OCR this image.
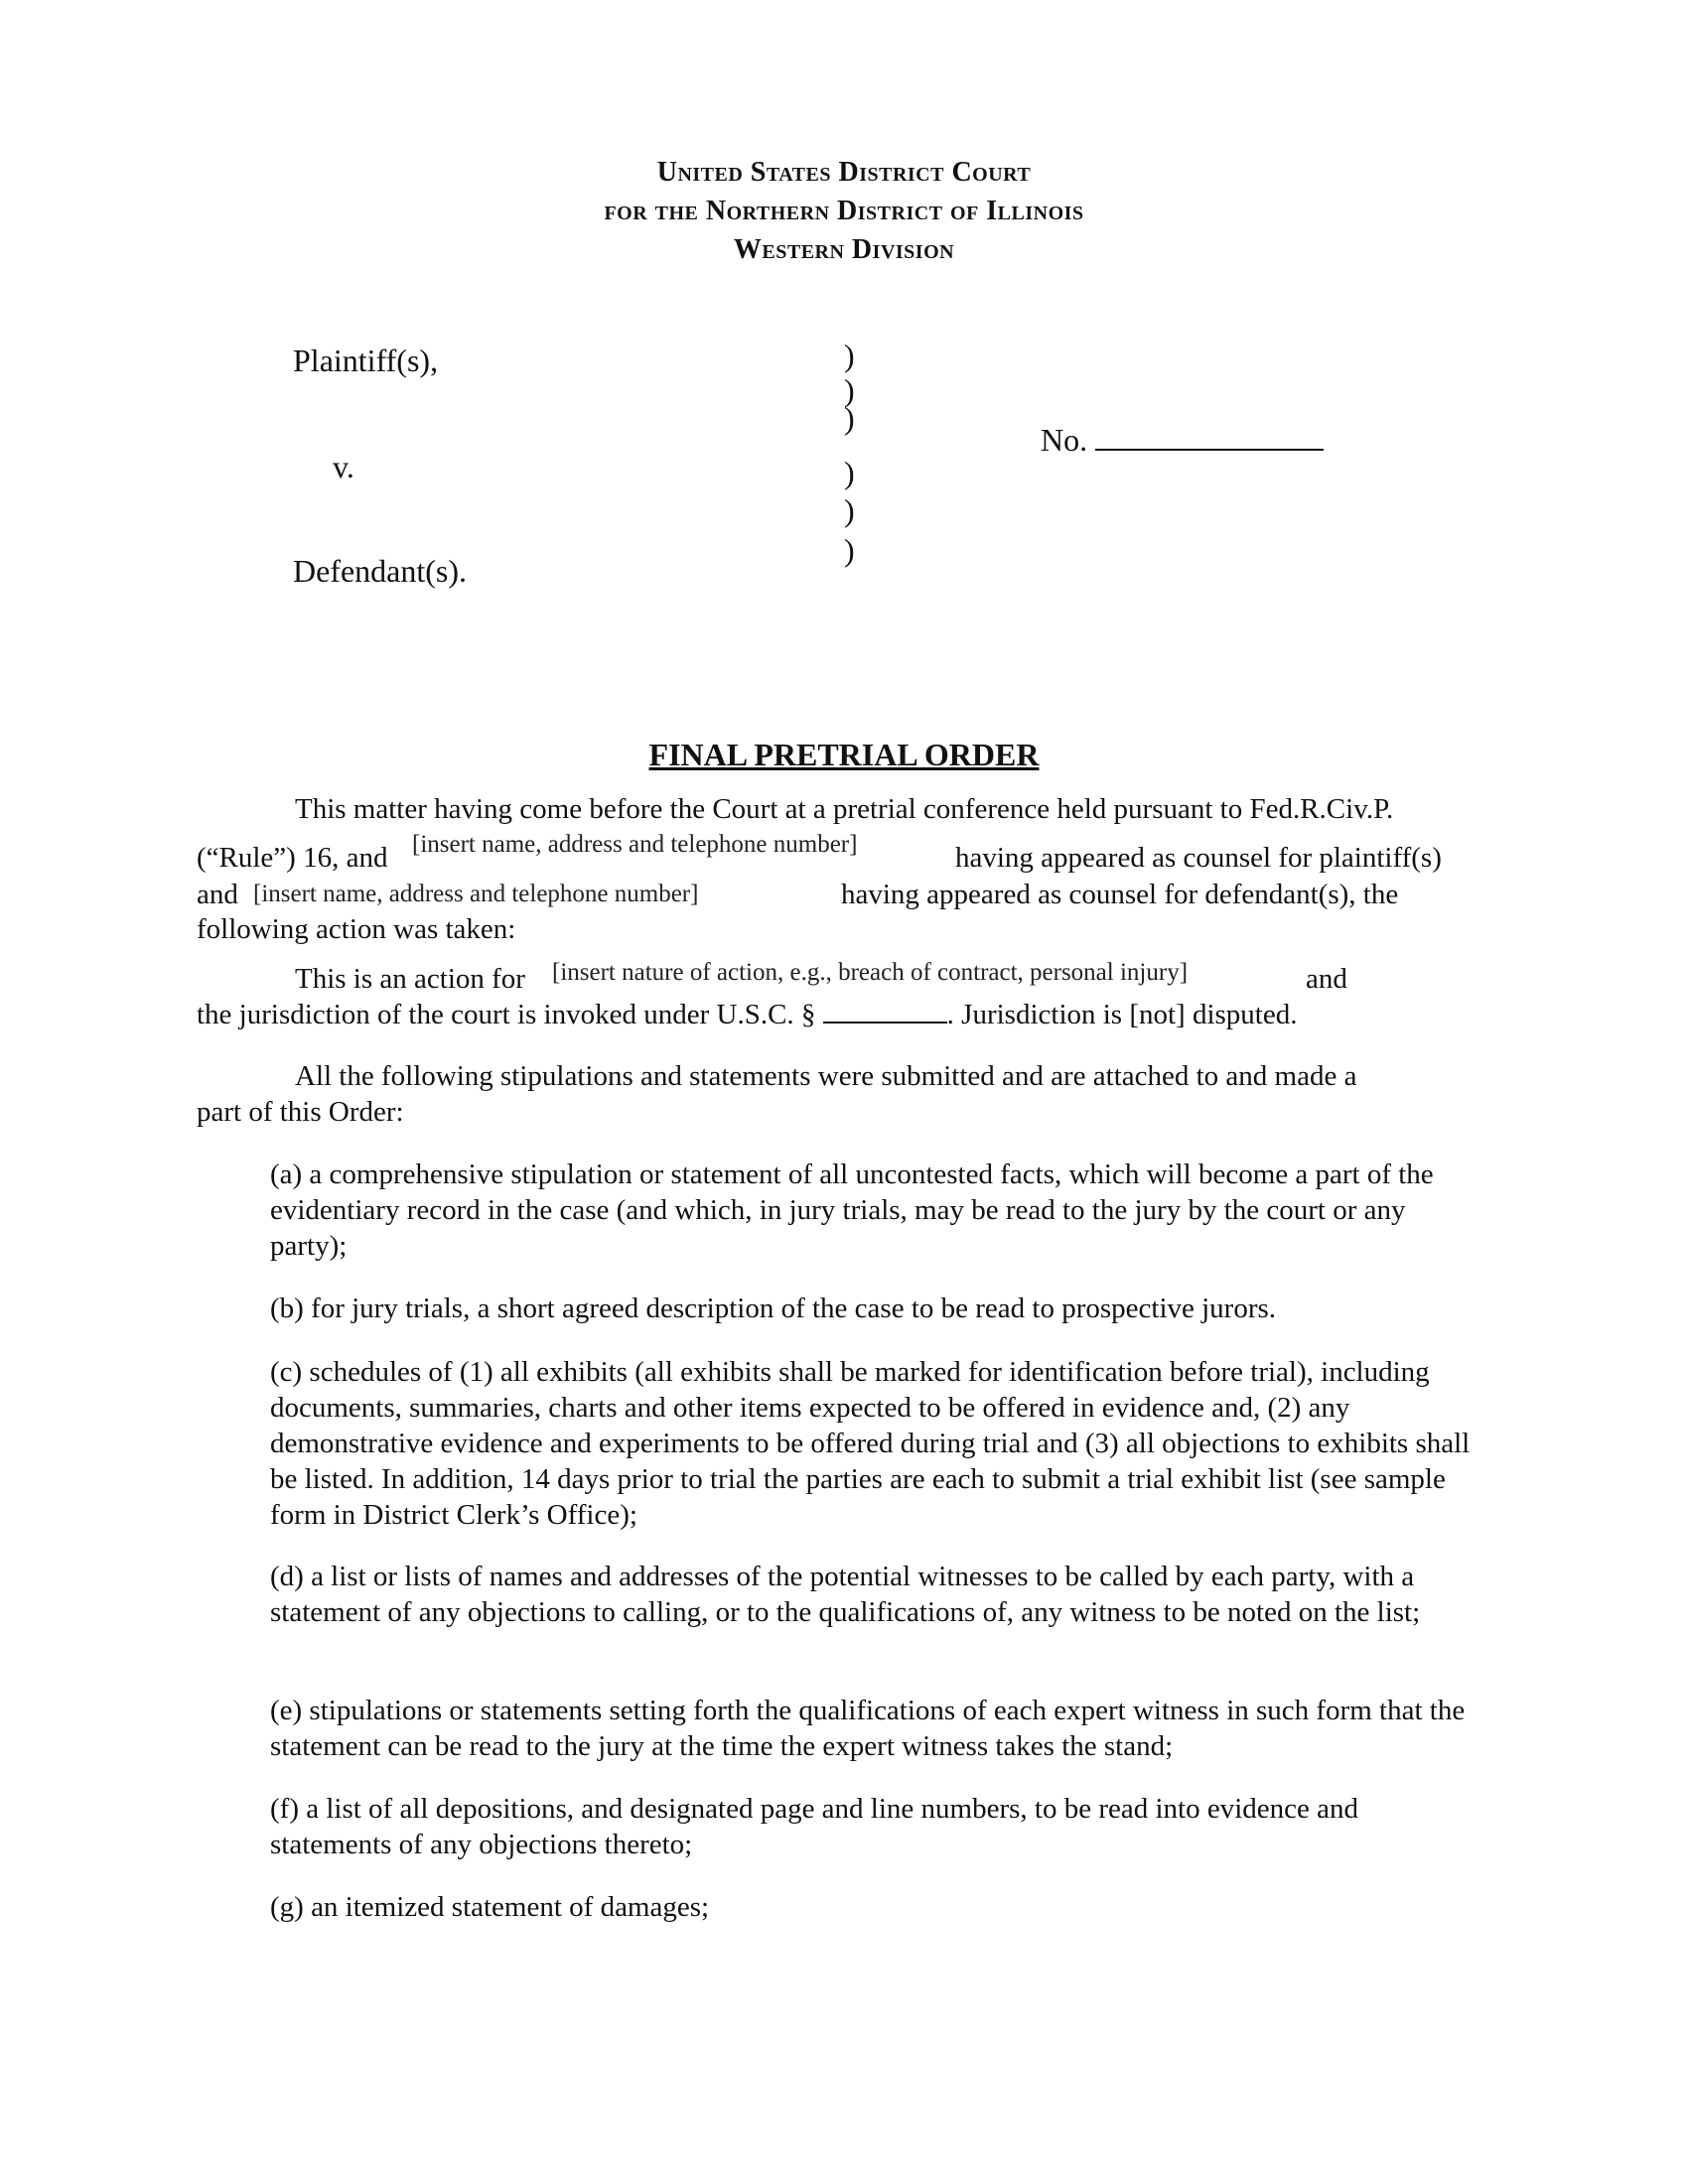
United States District Court
for the Northern District of Illinois
Western Division
Plaintiff(s),
v.
Defendant(s).
)
)
)
)
)
)
No.
FINAL PRETRIAL ORDER
This matter having come before the Court at a pretrial conference held pursuant to Fed.R.Civ.P.
(“Rule”) 16, and [insert name, address and telephone number]	having appeared as counsel for plaintiff(s)
and [insert name, address and telephone number]	having appeared as counsel for defendant(s), the
following action was taken:
This is an action for [insert nature of action, e.g., breach of contract, personal injury]	and
the jurisdiction of the court is invoked under U.S.C. §	. Jurisdiction is [not] disputed.
All the following stipulations and statements were submitted and are attached to and made a
part of this Order:
(a) a comprehensive stipulation or statement of all uncontested facts, which will become a part of the evidentiary record in the case (and which, in jury trials, may be read to the jury by the court or any party);
(b) for jury trials, a short agreed description of the case to be read to prospective jurors.
(c) schedules of (1) all exhibits (all exhibits shall be marked for identification before trial), including documents, summaries, charts and other items expected to be offered in evidence and, (2) any demonstrative evidence and experiments to be offered during trial and (3) all objections to exhibits shall be listed. In addition, 14 days prior to trial the parties are each to submit a trial exhibit list (see sample form in District Clerk’s Office);
(d) a list or lists of names and addresses of the potential witnesses to be called by each party, with a statement of any objections to calling, or to the qualifications of, any witness to be noted on the list;
(e) stipulations or statements setting forth the qualifications of each expert witness in such form that the statement can be read to the jury at the time the expert witness takes the stand;
(f) a list of all depositions, and designated page and line numbers, to be read into evidence and statements of any objections thereto;
(g) an itemized statement of damages;
